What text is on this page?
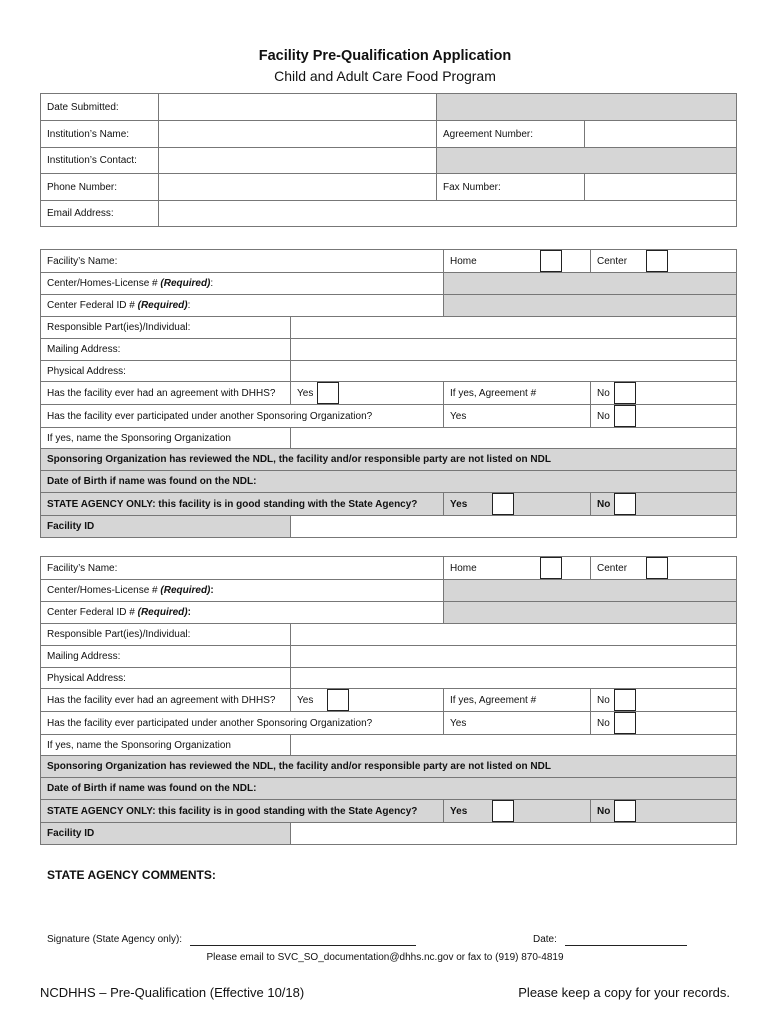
Facility Pre-Qualification Application
Child and Adult Care Food Program
Date Submitted:			
Institution’s Name:		Agreement Number:	
Institution’s Contact:			
Phone Number:		Fax Number:	
Email Address:			
Facility’s Name:		Home	Center

Center/Homes-License # (Required):			
Center Federal ID # (Required):			
Responsible Part(ies)/Individual:			
Mailing Address:			
Physical Address:			
Has the facility ever had an agreement with DHHS?	Yes	If yes, Agreement #	No

Has the facility ever participated under another Sponsoring Organization?		Yes	No

If yes, name the Sponsoring Organization			
Sponsoring Organization has reviewed the NDL, the facility and/or responsible party are not listed on NDL			
Date of Birth if name was found on the NDL:			
STATE AGENCY ONLY: this facility is in good standing with the State Agency?		Yes	No

Facility ID			
Facility’s Name:		Home	Center

Center/Homes-License # (Required):			
Center Federal ID # (Required):			
Responsible Part(ies)/Individual:			
Mailing Address:			
Physical Address:			
Has the facility ever had an agreement with DHHS?	Yes	If yes, Agreement #	No

Has the facility ever participated under another Sponsoring Organization?		Yes	No

If yes, name the Sponsoring Organization			
Sponsoring Organization has reviewed the NDL, the facility and/or responsible party are not listed on NDL			
Date of Birth if name was found on the NDL:			
STATE AGENCY ONLY: this facility is in good standing with the State Agency?		Yes	No

Facility ID			
STATE AGENCY COMMENTS:
Signature (State Agency only):	Date:
Please email to SVC_SO_documentation@dhhs.nc.gov or fax to (919) 870-4819
NCDHHS – Pre-Qualification (Effective 10/18)	Please keep a copy for your records.
